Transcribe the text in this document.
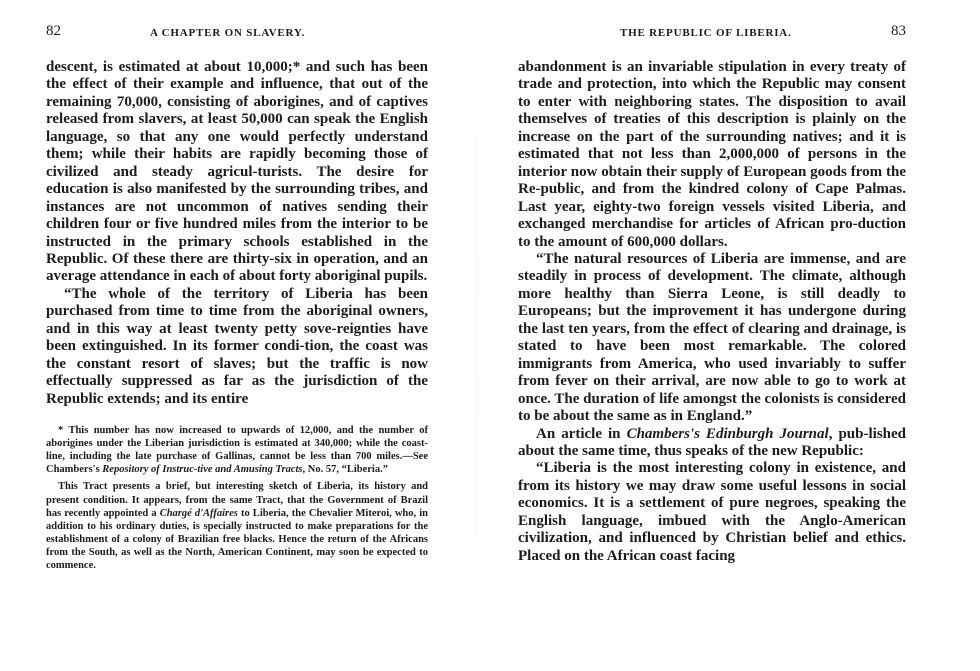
82	A CHAPTER ON SLAVERY.

descent, is estimated at about 10,000;* and such has been the effect of their example and influence, that out of the remaining 70,000, consisting of aborigines, and of captives released from slavers, at least 50,000 can speak the English language, so that any one would perfectly understand them; while their habits are rapidly becoming those of civilized and steady agricul-turists. The desire for education is also manifested by the surrounding tribes, and instances are not uncommon of natives sending their children four or five hundred miles from the interior to be instructed in the primary schools established in the Republic. Of these there are thirty-six in operation, and an average attendance in each of about forty aboriginal pupils.

“The whole of the territory of Liberia has been purchased from time to time from the aboriginal owners, and in this way at least twenty petty sove-reignties have been extinguished. In its former condi-tion, the coast was the constant resort of slaves; but the traffic is now effectually suppressed as far as the jurisdiction of the Republic extends; and its entire

* This number has now increased to upwards of 12,000, and the number of aborigines under the Liberian jurisdiction is estimated at 340,000; while the coast-line, including the late purchase of Gallinas, cannot be less than 700 miles.—See Chambers's Repository of Instruc-tive and Amusing Tracts, No. 57, “Liberia.”

This Tract presents a brief, but interesting sketch of Liberia, its history and present condition. It appears, from the same Tract, that the Government of Brazil has recently appointed a Chargé d'Affaires to Liberia, the Chevalier Miteroi, who, in addition to his ordinary duties, is specially instructed to make preparations for the establishment of a colony of Brazilian free blacks. Hence the return of the Africans from the South, as well as the North, American Continent, may soon be expected to commence.

THE REPUBLIC OF LIBERIA.	83

abandonment is an invariable stipulation in every treaty of trade and protection, into which the Republic may consent to enter with neighboring states. The disposition to avail themselves of treaties of this description is plainly on the increase on the part of the surrounding natives; and it is estimated that not less than 2,000,000 of persons in the interior now obtain their supply of European goods from the Re-public, and from the kindred colony of Cape Palmas. Last year, eighty-two foreign vessels visited Liberia, and exchanged merchandise for articles of African pro-duction to the amount of 600,000 dollars.

“The natural resources of Liberia are immense, and are steadily in process of development. The climate, although more healthy than Sierra Leone, is still deadly to Europeans; but the improvement it has undergone during the last ten years, from the effect of clearing and drainage, is stated to have been most remarkable. The colored immigrants from America, who used invariably to suffer from fever on their arrival, are now able to go to work at once. The duration of life amongst the colonists is considered to be about the same as in England.”

An article in Chambers's Edinburgh Journal, pub-lished about the same time, thus speaks of the new Republic:

“Liberia is the most interesting colony in existence, and from its history we may draw some useful lessons in social economics. It is a settlement of pure negroes, speaking the English language, imbued with the Anglo-American civilization, and influenced by Christian belief and ethics. Placed on the African coast facing
